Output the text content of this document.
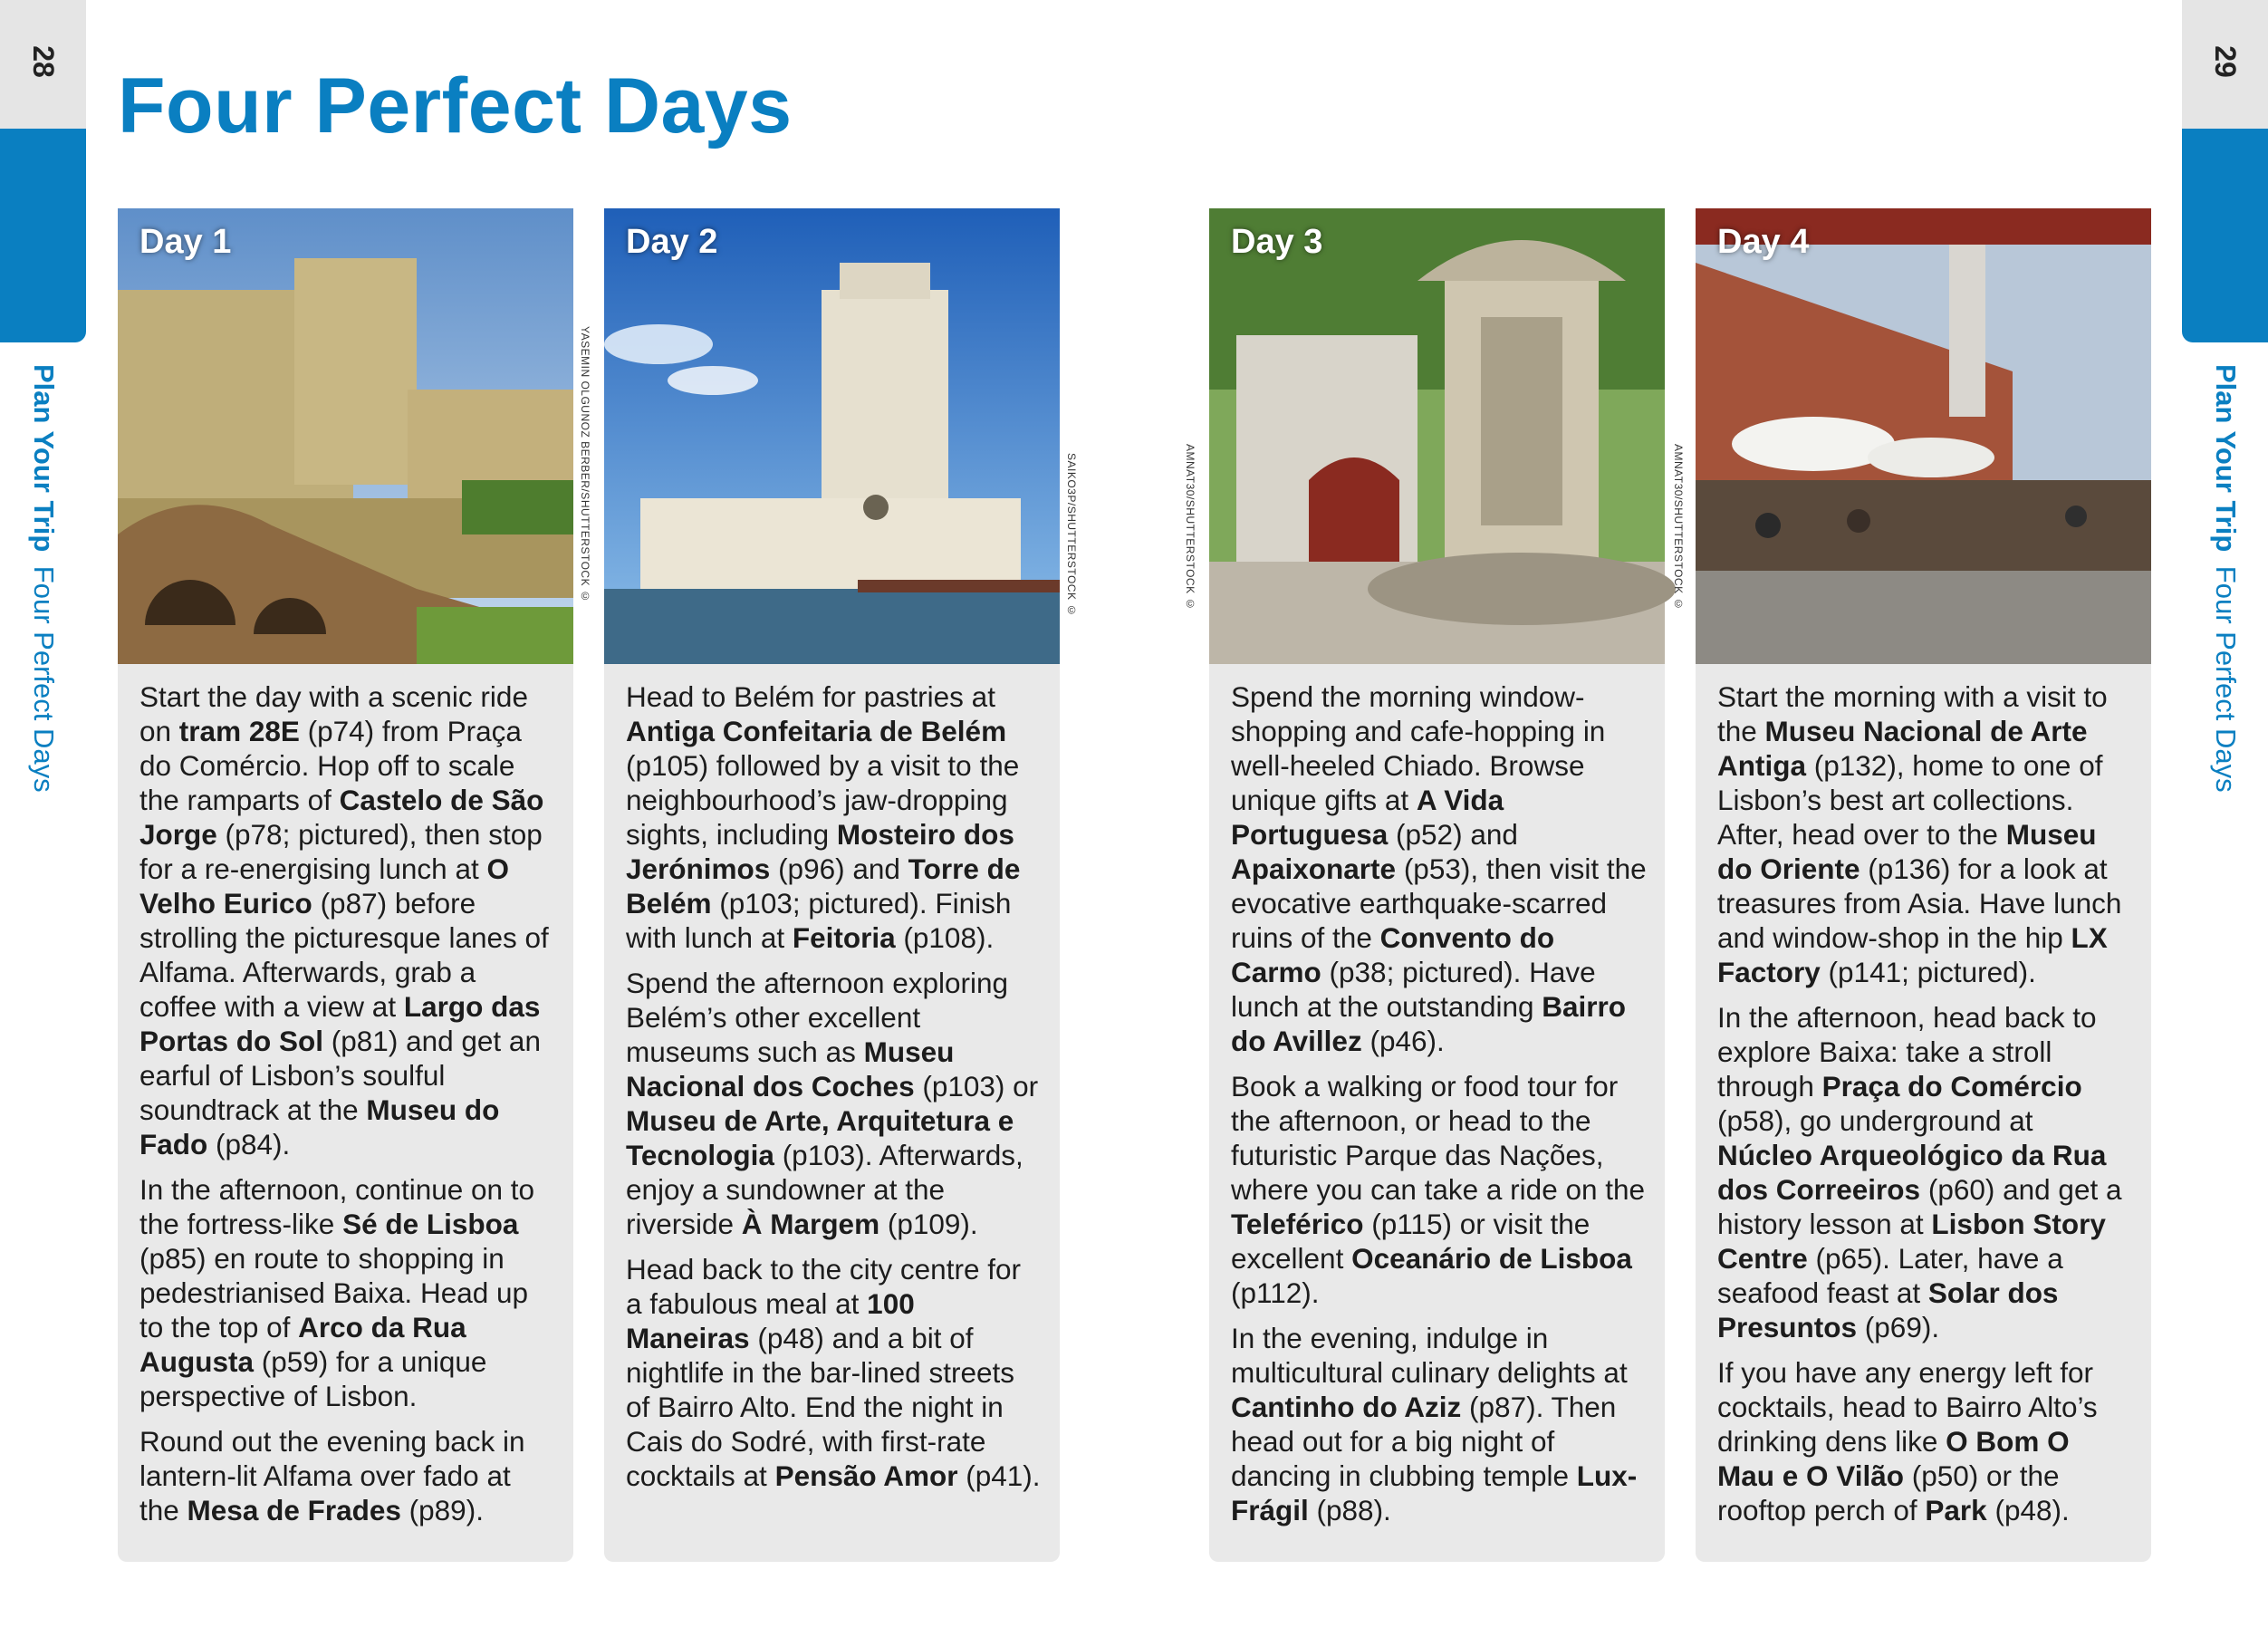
28
Plan Your Trip Four Perfect Days
29
Plan Your Trip Four Perfect Days
Four Perfect Days
Day 1
YASEMIN OLGUNOZ BERBER/SHUTTERSTOCK ©

Start the day with a scenic ride on tram 28E (p74) from Praça do Comércio. Hop off to scale the ramparts of Castelo de São Jorge (p78; pictured), then stop for a re-energising lunch at O Velho Eurico (p87) before strolling the picturesque lanes of Alfama. Afterwards, grab a coffee with a view at Largo das Portas do Sol (p81) and get an earful of Lisbon’s soulful soundtrack at the Museu do Fado (p84).

In the afternoon, continue on to the fortress-like Sé de Lisboa (p85) en route to shopping in pedestrianised Baixa. Head up to the top of Arco da Rua Augusta (p59) for a unique perspective of Lisbon.

Round out the evening back in lantern-lit Alfama over fado at the Mesa de Frades (p89).

Day 2
SAIKO3P/SHUTTERSTOCK ©

Head to Belém for pastries at Antiga Confeitaria de Belém (p105) followed by a visit to the neighbourhood’s jaw-dropping sights, including Mosteiro dos Jerónimos (p96) and Torre de Belém (p103; pictured). Finish with lunch at Feitoria (p108).

Spend the afternoon exploring Belém’s other excellent museums such as Museu Nacional dos Coches (p103) or Museu de Arte, Arquitetura e Tecnologia (p103). Afterwards, enjoy a sundowner at the riverside À Margem (p109).

Head back to the city centre for a fabulous meal at 100 Maneiras (p48) and a bit of nightlife in the bar-lined streets of Bairro Alto. End the night in Cais do Sodré, with first-rate cocktails at Pensão Amor (p41).

Day 3
AMNAT30/SHUTTERSTOCK ©

Spend the morning window-shopping and cafe-hopping in well-heeled Chiado. Browse unique gifts at A Vida Portuguesa (p52) and Apaixonarte (p53), then visit the evocative earthquake-scarred ruins of the Convento do Carmo (p38; pictured). Have lunch at the outstanding Bairro do Avillez (p46).

Book a walking or food tour for the afternoon, or head to the futuristic Parque das Nações, where you can take a ride on the Teleférico (p115) or visit the excellent Oceanário de Lisboa (p112).

In the evening, indulge in multicultural culinary delights at Cantinho do Aziz (p87). Then head out for a big night of dancing in clubbing temple Lux-Frágil (p88).

Day 4
AMNAT30/SHUTTERSTOCK ©

Start the morning with a visit to the Museu Nacional de Arte Antiga (p132), home to one of Lisbon’s best art collections. After, head over to the Museu do Oriente (p136) for a look at treasures from Asia. Have lunch and window-shop in the hip LX Factory (p141; pictured).

In the afternoon, head back to explore Baixa: take a stroll through Praça do Comércio (p58), go underground at Núcleo Arqueológico da Rua dos Correeiros (p60) and get a history lesson at Lisbon Story Centre (p65). Later, have a seafood feast at Solar dos Presuntos (p69).

If you have any energy left for cocktails, head to Bairro Alto’s drinking dens like O Bom O Mau e O Vilão (p50) or the rooftop perch of Park (p48).
